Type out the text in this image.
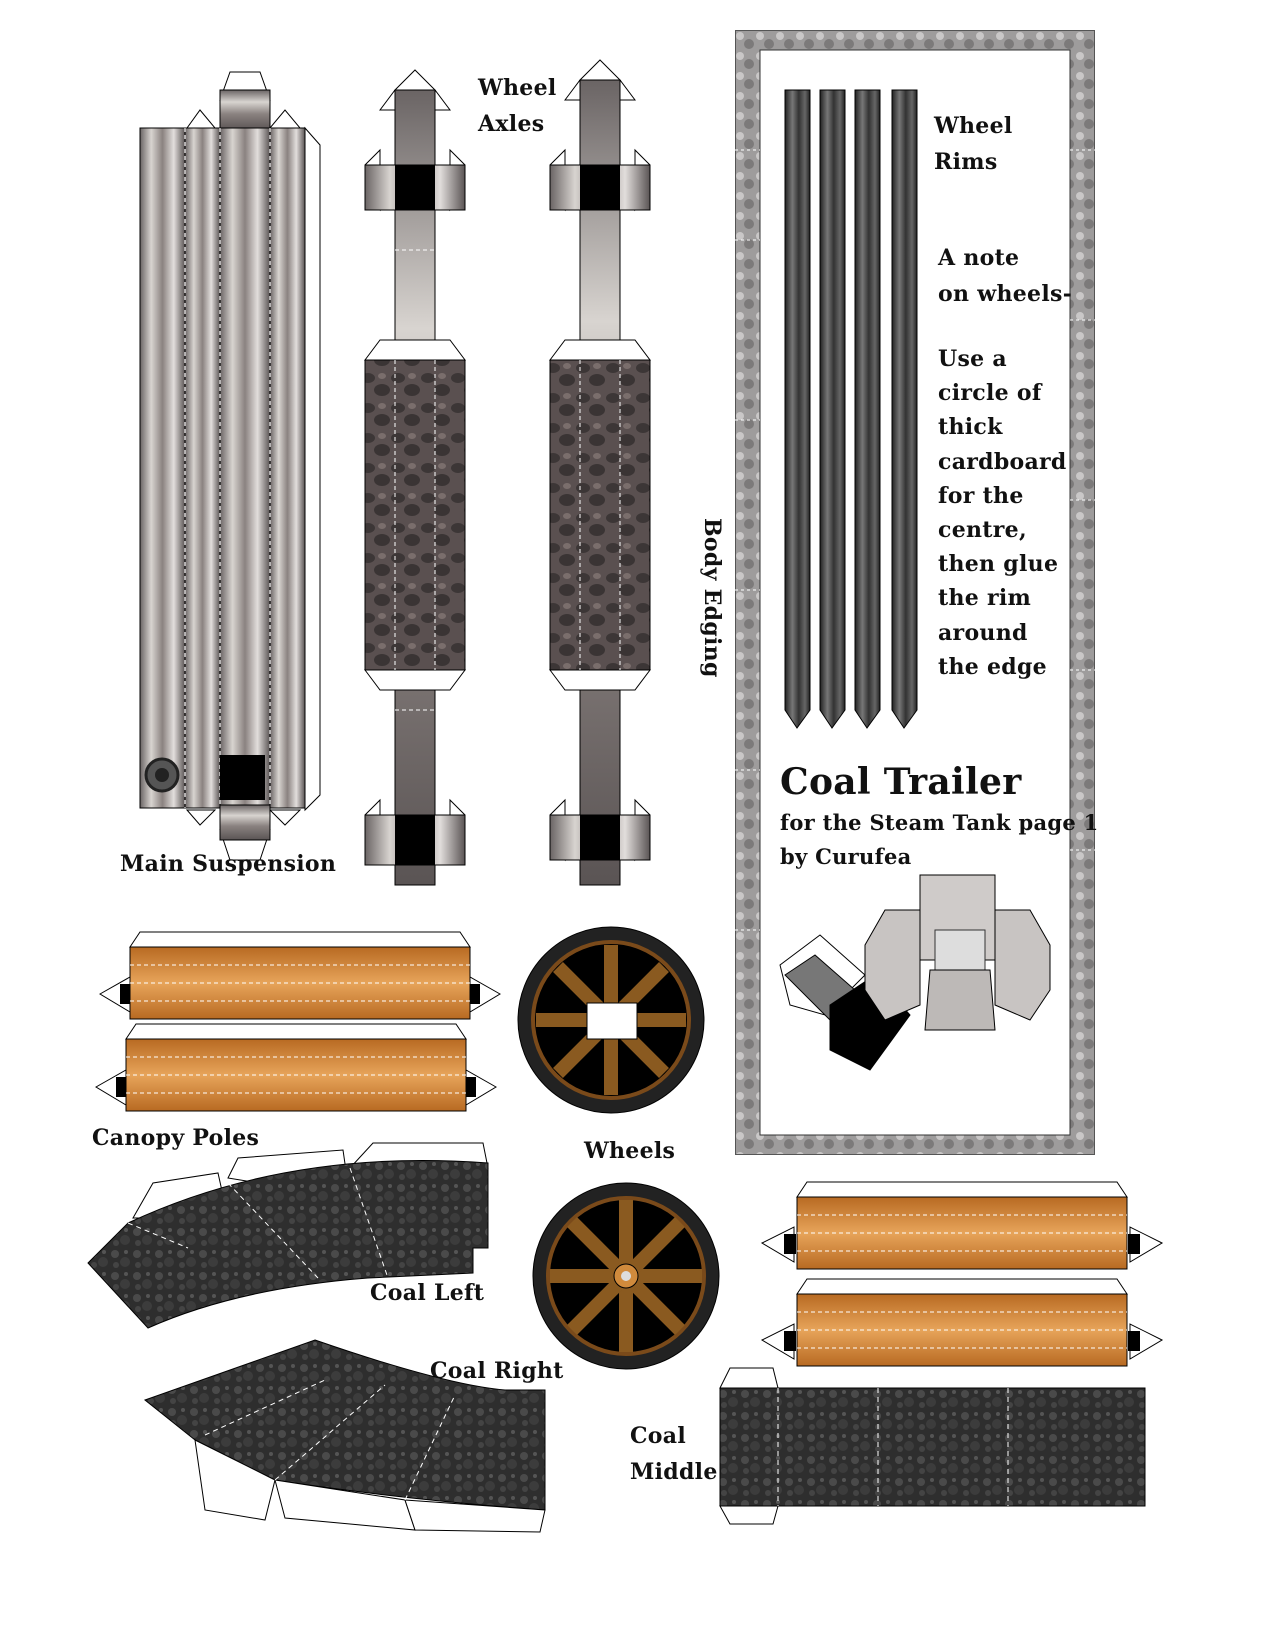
Wheel
Axles
Main Suspension
Body Edging
Wheel
Rims
A note
on wheels-
Use a
circle of
thick
cardboard
for the
centre,
then glue
the rim
around
the edge
Coal Trailer
for the Steam Tank page 1
by Curufea
Canopy Poles	Wheels
Coal Left
Coal Right
Coal
Middle
